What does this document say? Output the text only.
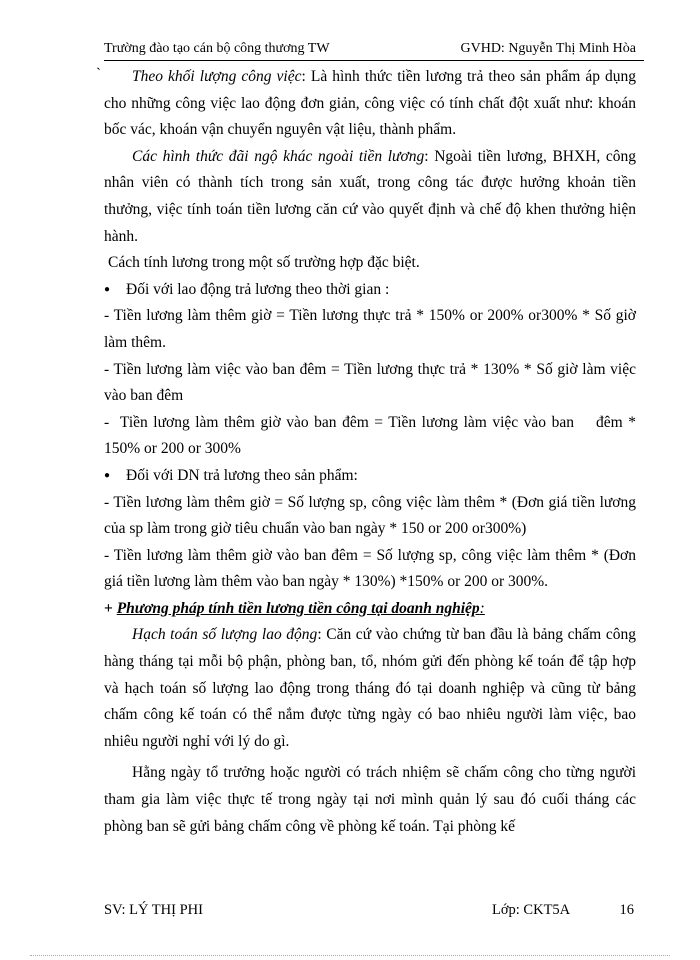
Trường đào tạo cán bộ công thương TW	GVHD: Nguyễn Thị Minh Hòa
`	Theo khối lượng công việc: Là hình thức tiền lương trả theo sản phẩm áp dụng cho những công việc lao động đơn giản, công việc có tính chất đột xuất như: khoán bốc vác, khoán vận chuyển nguyên vật liệu, thành phẩm.

Các hình thức đãi ngộ khác ngoài tiền lương: Ngoài tiền lương, BHXH, công nhân viên có thành tích trong sản xuất, trong công tác được hưởng khoản tiền thưởng, việc tính toán tiền lương căn cứ vào quyết định và chế độ khen thưởng hiện hành.

Cách tính lương trong một số trường hợp đặc biệt.

● Đối với lao động trả lương theo thời gian :

- Tiền lương làm thêm giờ = Tiền lương thực trả * 150% or 200% or300% * Số giờ làm thêm.

- Tiền lương làm việc vào ban đêm = Tiền lương thực trả * 130% * Số giờ làm việc vào ban đêm

-  Tiền lương làm thêm giờ vào ban đêm = Tiền lương làm việc vào ban    đêm * 150% or 200 or 300%

● Đối với DN trả lương theo sản phẩm:

- Tiền lương làm thêm giờ = Số lượng sp, công việc làm thêm * (Đơn giá tiền lương của sp làm trong giờ tiêu chuẩn vào ban ngày * 150 or 200 or300%)

- Tiền lương làm thêm giờ vào ban đêm = Số lượng sp, công việc làm thêm * (Đơn giá tiền lương làm thêm vào ban ngày * 130%) *150% or 200 or 300%.

+ Phương pháp tính tiền lương tiền công tại doanh nghiệp:

Hạch toán số lượng lao động: Căn cứ vào chứng từ ban đầu là bảng chấm công hàng tháng tại mỗi bộ phận, phòng ban, tổ, nhóm gửi đến phòng kế toán để tập hợp và hạch toán số lượng lao động trong tháng đó tại doanh nghiệp và cũng từ bảng chấm công kế toán có thể nắm được từng ngày có bao nhiêu người làm việc, bao nhiêu người nghỉ với lý do gì.

Hằng ngày tổ trưởng hoặc người có trách nhiệm sẽ chấm công cho từng người tham gia làm việc thực tế trong ngày tại nơi mình quản lý sau đó cuối tháng các phòng ban sẽ gửi bảng chấm công về phòng kế toán. Tại phòng kế

SV: LÝ THỊ PHI	Lớp: CKT5A	16
